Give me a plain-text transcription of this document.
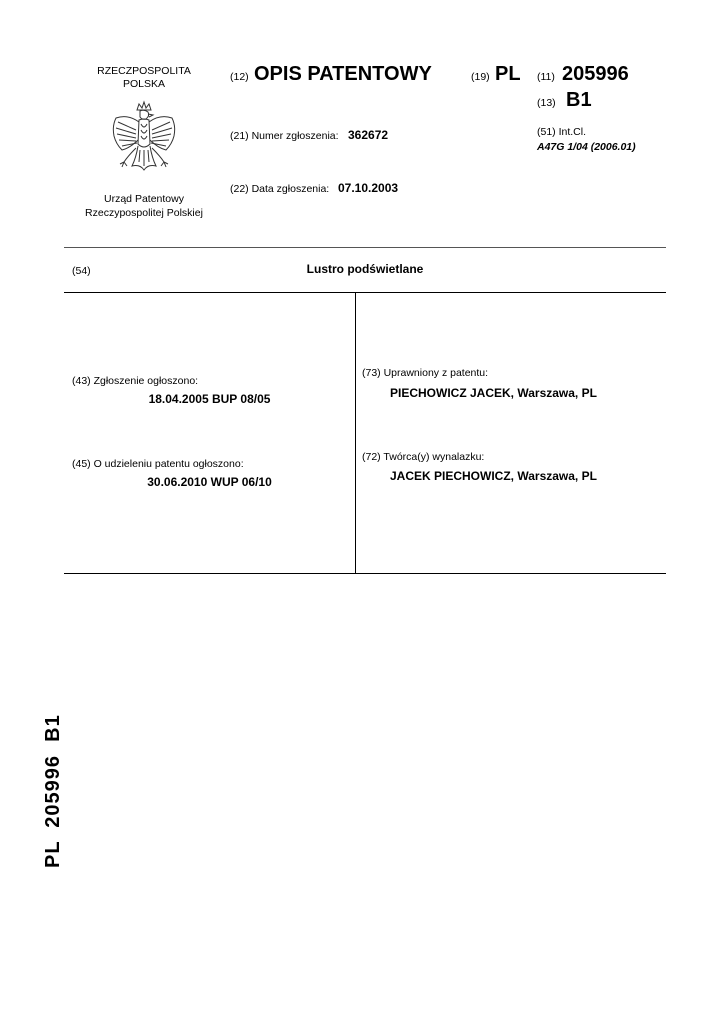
RZECZPOSPOLITA
POLSKA
Urząd Patentowy
Rzeczypospolitej Polskiej
(12) OPIS PATENTOWY	(19) PL (11) 205996
(13) B1
(21) Numer zgłoszenia: 362672
(22) Data zgłoszenia: 07.10.2003
(51) Int.Cl.
A47G 1/04 (2006.01)
(54)	Lustro podświetlane
(43) Zgłoszenie ogłoszono:
18.04.2005 BUP 08/05
(45) O udzieleniu patentu ogłoszono:
30.06.2010 WUP 06/10
(73) Uprawniony z patentu:
PIECHOWICZ JACEK, Warszawa, PL
(72) Twórca(y) wynalazku:
JACEK PIECHOWICZ, Warszawa, PL
PL  205996  B1
